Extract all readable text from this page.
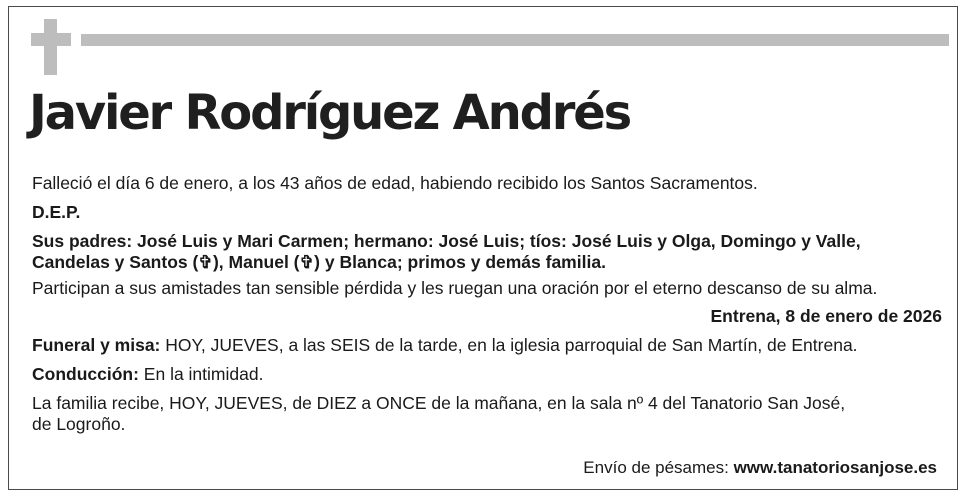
Javier Rodríguez Andrés

Falleció el día 6 de enero, a los 43 años de edad, habiendo recibido los Santos Sacramentos.

D.E.P.

Sus padres: José Luis y Mari Carmen; hermano: José Luis; tíos: José Luis y Olga, Domingo y Valle,
Candelas y Santos (✞), Manuel (✞) y Blanca; primos y demás familia.

Participan a sus amistades tan sensible pérdida y les ruegan una oración por el eterno descanso de su alma.

Entrena, 8 de enero de 2026

Funeral y misa: HOY, JUEVES, a las SEIS de la tarde, en la iglesia parroquial de San Martín, de Entrena.

Conducción: En la intimidad.

La familia recibe, HOY, JUEVES, de DIEZ a ONCE de la mañana, en la sala nº 4 del Tanatorio San José,
de Logroño.

Envío de pésames: www.tanatoriosanjose.es
